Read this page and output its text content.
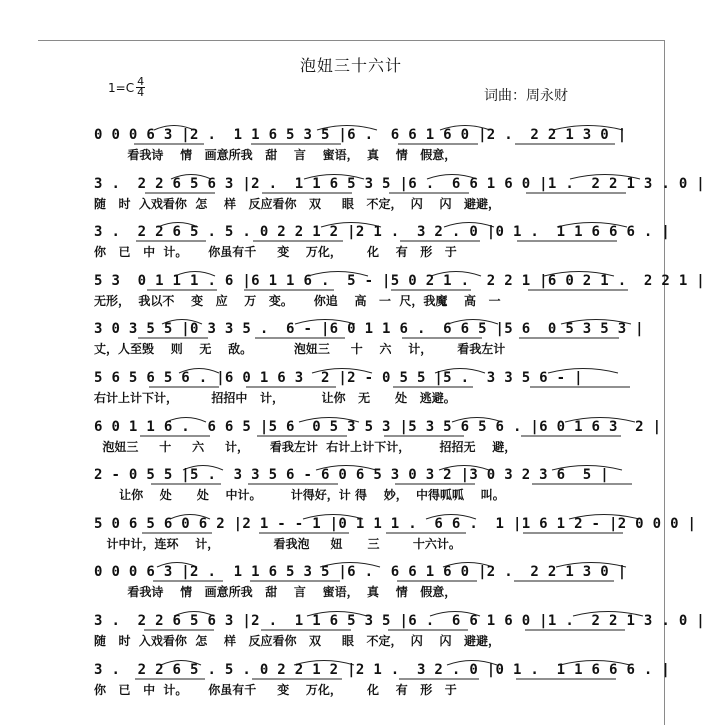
泡妞三十六计
$1=C \frac{4}{4}$	词曲：周永财
0 0 0 6 3 |2 .  1 1 6 5 3 5 |6 .  6 6 1 6 0 |2 .  2 2 1 3 0 |
看我诗    情   画意所我   甜    言    蜜语，  真    情   假意，
3 .  2 2 6 5 6 3 |2 .  1 1 6 5 3 5 |6 .  6 6 1 6 0 |1 .  2 2 1 3 . 0 |
随   时  入戏看你  怎    样   反应看你   双     眼   不定，  闪    闪   避避，
3 .  2 2 6 5 . 5 . 0 2 2 1 2 |2 1 .  3 2 . 0 |0 1 .  1 1 6 6 6 . |
你   已   中  计。     你虽有千     变    万化，      化    有   形   于
5 3  0 1 1 1 . 6 |6 1 1 6 .  5 - |5 0 2 1 .  2 2 1 |6 0 2 1 .  2 2 1 |
无形，  我以不    变   应    万   变。     你追    高   一  尺，我魔    高   一
3 0 3 5 5 |0 3 3 5 .  6 - |6 0 1 1 6 .  6 6 5 |5 6  0 5 3 5 3 |
丈，人至毁    则    无    敌。          泡妞三     十    六    计，      看我左计
5 6 5 6 5 6 . |6 0 1 6 3  2 |2 - 0 5 5 |5 .  3 3 5 6 - |
右计上计下计，        招招中   计，         让你   无      处   逃避。
6 0 1 1 6 .  6 6 5 |5 6  0 5 3 5 3 |5 3 5 6 5 6 . |6 0 1 6 3  2 |
泡妞三     十     六     计，     看我左计  右计上计下计，       招招无    避，
2 - 0 5 5 |5 .  3 3 5 6 - 6 0 6 5 3 0 3 2 |3 0 3 2 3 6  5 |
让你    处      处    中计。       计得好，计 得    妙，  中得呱呱    叫。
5 0 6 5 6 0 6 2 |2 1 - - 1 |0 1 1 1 .  6 6 .  1 |1 6 1 2 - |2 0 0 0 |
计中计，连环    计，             看我泡     妞      三        十六计。
0 0 0 6 3 |2 .  1 1 6 5 3 5 |6 .  6 6 1 6 0 |2 .  2 2 1 3 0 |
看我诗    情   画意所我   甜    言    蜜语，  真    情   假意，
3 .  2 2 6 5 6 3 |2 .  1 1 6 5 3 5 |6 .  6 6 1 6 0 |1 .  2 2 1 3 . 0 |
随   时  入戏看你  怎    样   反应看你   双     眼   不定，  闪    闪   避避，
3 .  2 2 6 5 . 5 . 0 2 2 1 2 |2 1 .  3 2 . 0 |0 1 .  1 1 6 6 6 . |
你   已   中  计。     你虽有千     变    万化，      化    有   形   于
